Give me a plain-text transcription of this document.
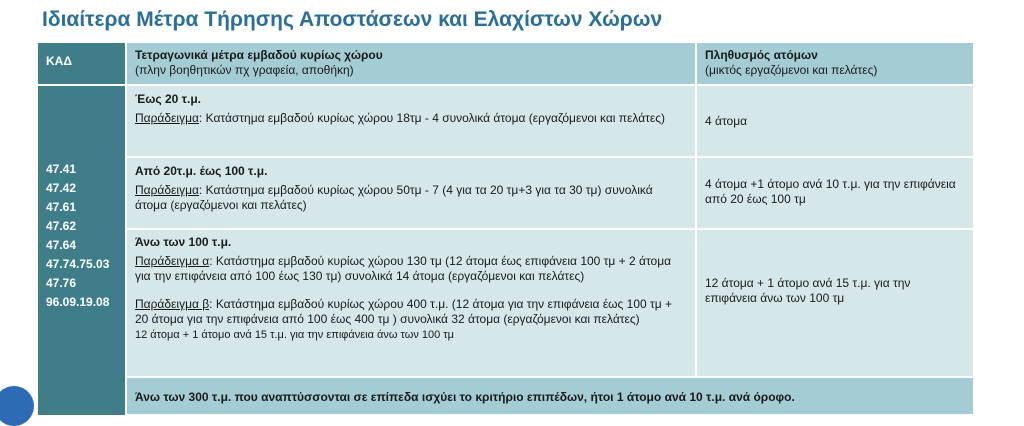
Ιδιαίτερα Μέτρα Τήρησης Αποστάσεων και Ελαχίστων Χώρων
ΚΑΔ	Τετραγωνικά μέτρα εμβαδού κυρίως χώρου
(πλην βοηθητικών πχ γραφεία, αποθήκη)
Πληθυσμός ατόμων
(μικτός εργαζόμενοι και πελάτες)
47.41
47.42
47.61
47.62
47.64
47.74.75.03
47.76
96.09.19.08
Έως 20 τ.μ.
Παράδειγμα: Κατάστημα εμβαδού κυρίως χώρου 18τμ - 4 συνολικά άτομα (εργαζόμενοι και πελάτες)	4 άτομα
Από 20τ.μ. έως 100 τ.μ.
Παράδειγμα: Κατάστημα εμβαδού κυρίως χώρου 50τμ - 7 (4 για τα 20 τμ+3 για τα 30 τμ) συνολικά άτομα (εργαζόμενοι και πελάτες)
4 άτομα +1 άτομο ανά 10 τ.μ. για την επιφάνεια από 20 έως 100 τμ
Άνω των 100 τ.μ.
Παράδειγμα α: Κατάστημα εμβαδού κυρίως χώρου 130 τμ (12 άτομα έως επιφάνεια 100 τμ + 2 άτομα για την επιφάνεια από 100 έως 130 τμ) συνολικά 14 άτομα (εργαζόμενοι και πελάτες)
Παράδειγμα β: Κατάστημα εμβαδού κυρίως χώρου 400 τ.μ. (12 άτομα για την επιφάνεια έως 100 τμ + 20 άτομα για την επιφάνεια από 100 έως 400 τμ ) συνολικά 32 άτομα (εργαζόμενοι και πελάτες)
12 άτομα + 1 άτομο ανά 15 τ.μ. για την επιφάνεια άνω των 100 τμ
12 άτομα + 1 άτομο ανά 15 τ.μ. για την επιφάνεια άνω των 100 τμ
Άνω των 300 τ.μ. που αναπτύσσονται σε επίπεδα ισχύει το κριτήριο επιπέδων, ήτοι 1 άτομο ανά 10 τ.μ. ανά όροφο.
